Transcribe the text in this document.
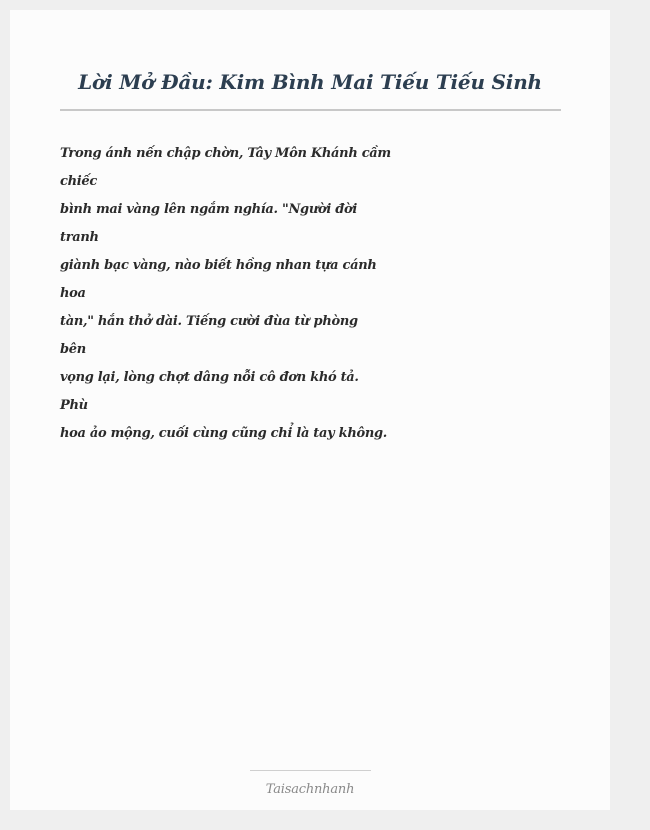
Lời Mở Đầu: Kim Bình Mai Tiếu Tiếu Sinh
Trong ánh nến chập chờn, Tây Môn Khánh cầm
chiếc
bình mai vàng lên ngắm nghía. "Người đời
tranh
giành bạc vàng, nào biết hồng nhan tựa cánh
hoa
tàn," hắn thở dài. Tiếng cười đùa từ phòng
bên
vọng lại, lòng chợt dâng nỗi cô đơn khó tả.
Phù
hoa ảo mộng, cuối cùng cũng chỉ là tay không.
Taisachnhanh
